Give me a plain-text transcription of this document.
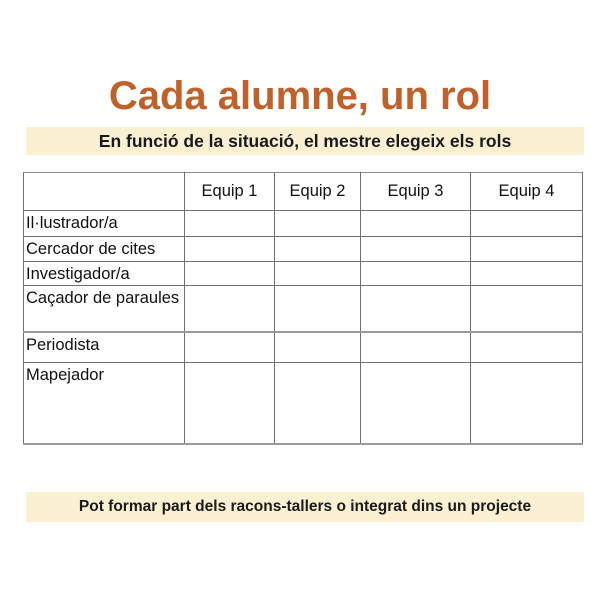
Cada alumne, un rol
En funció de la situació, el mestre elegeix els rols
	Equip 1	Equip 2	Equip 3	Equip 4
Il·lustrador/a				
Cercador de cites				
Investigador/a				
Caçador de paraules				
Periodista				
Mapejador				
Pot formar part dels racons-tallers o integrat dins un projecte
